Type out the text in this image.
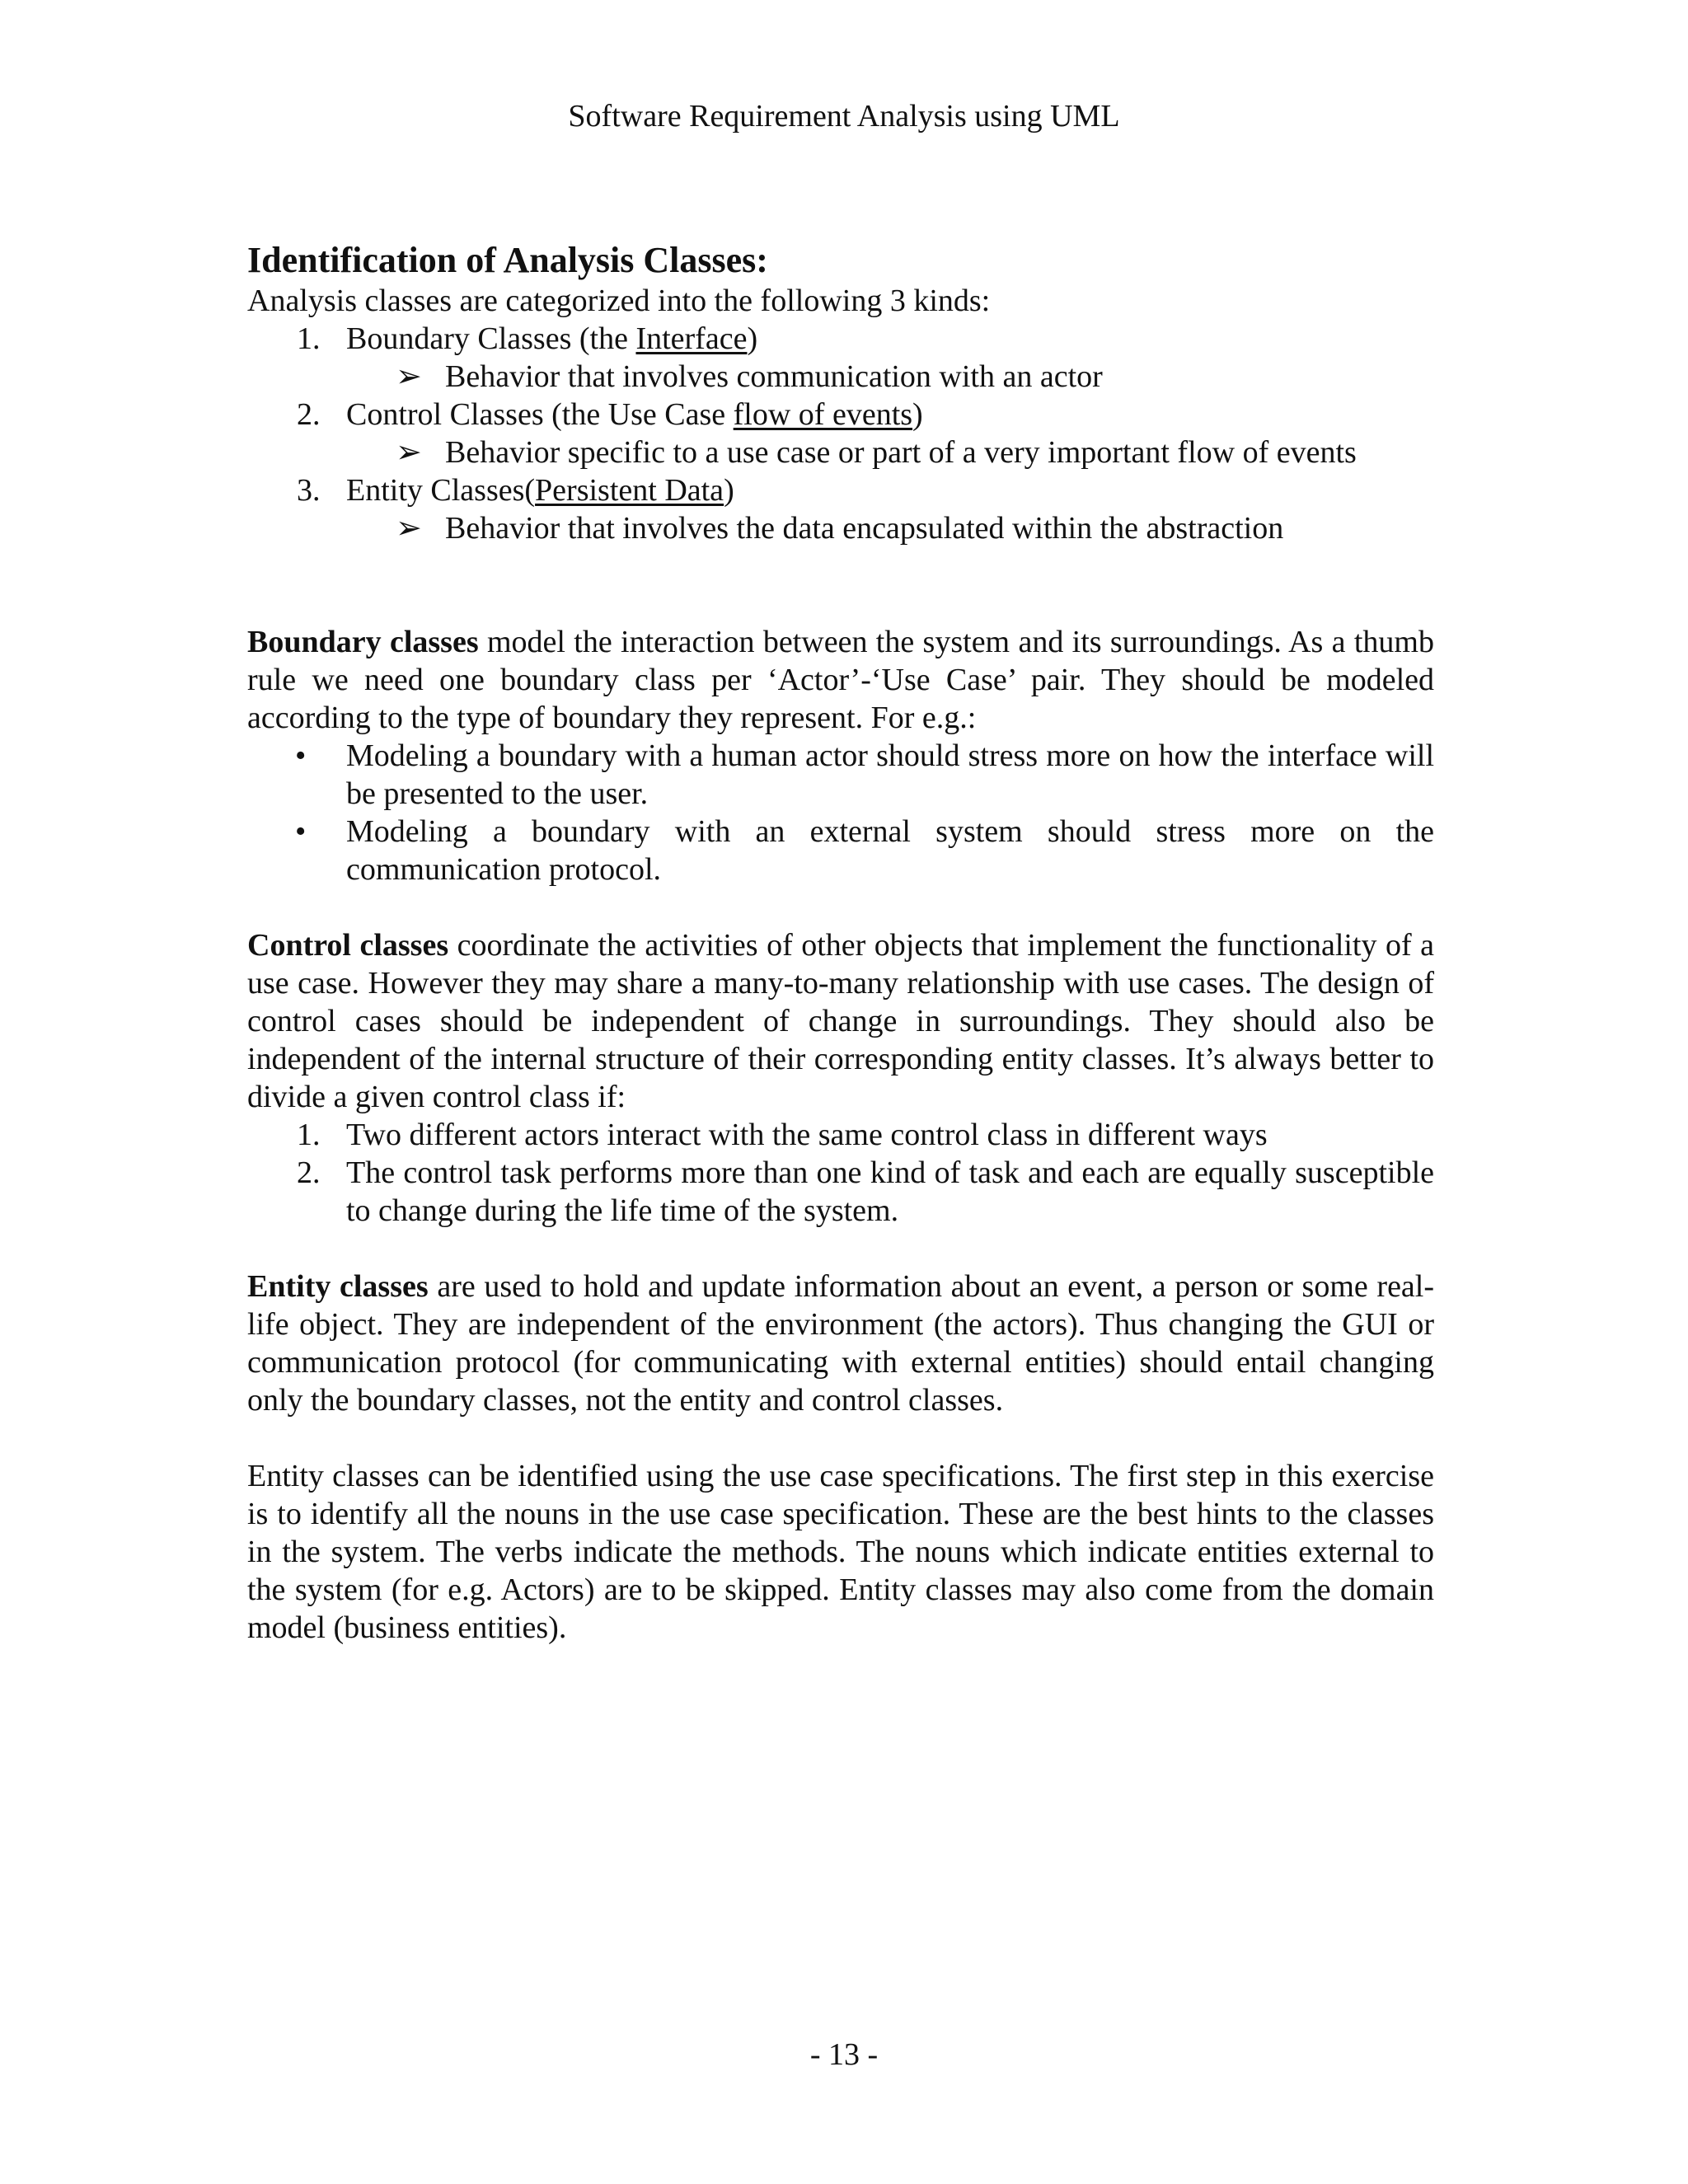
Software Requirement Analysis using UML
Identification of Analysis Classes:

Analysis classes are categorized into the following 3 kinds:

1. Boundary Classes (the Interface)
➢ Behavior that involves communication with an actor
2. Control Classes (the Use Case flow of events)
➢ Behavior specific to a use case or part of a very important flow of events
3. Entity Classes(Persistent Data)
➢ Behavior that involves the data encapsulated within the abstraction

Boundary classes model the interaction between the system and its surroundings. As a thumb rule we need one boundary class per ‘Actor’-‘Use Case’ pair. They should be modeled according to the type of boundary they represent. For e.g.:

• Modeling a boundary with a human actor should stress more on how the interface will be presented to the user.
• Modeling a boundary with an external system should stress more on the communication protocol.

Control classes coordinate the activities of other objects that implement the functionality of a use case. However they may share a many-to-many relationship with use cases. The design of control cases should be independent of change in surroundings. They should also be independent of the internal structure of their corresponding entity classes. It’s always better to divide a given control class if:

1. Two different actors interact with the same control class in different ways
2. The control task performs more than one kind of task and each are equally susceptible to change during the life time of the system.

Entity classes are used to hold and update information about an event, a person or some real-life object. They are independent of the environment (the actors). Thus changing the GUI or communication protocol (for communicating with external entities) should entail changing only the boundary classes, not the entity and control classes.

Entity classes can be identified using the use case specifications. The first step in this exercise is to identify all the nouns in the use case specification. These are the best hints to the classes in the system. The verbs indicate the methods. The nouns which indicate entities external to the system (for e.g. Actors) are to be skipped. Entity classes may also come from the domain model (business entities).

- 13 -
